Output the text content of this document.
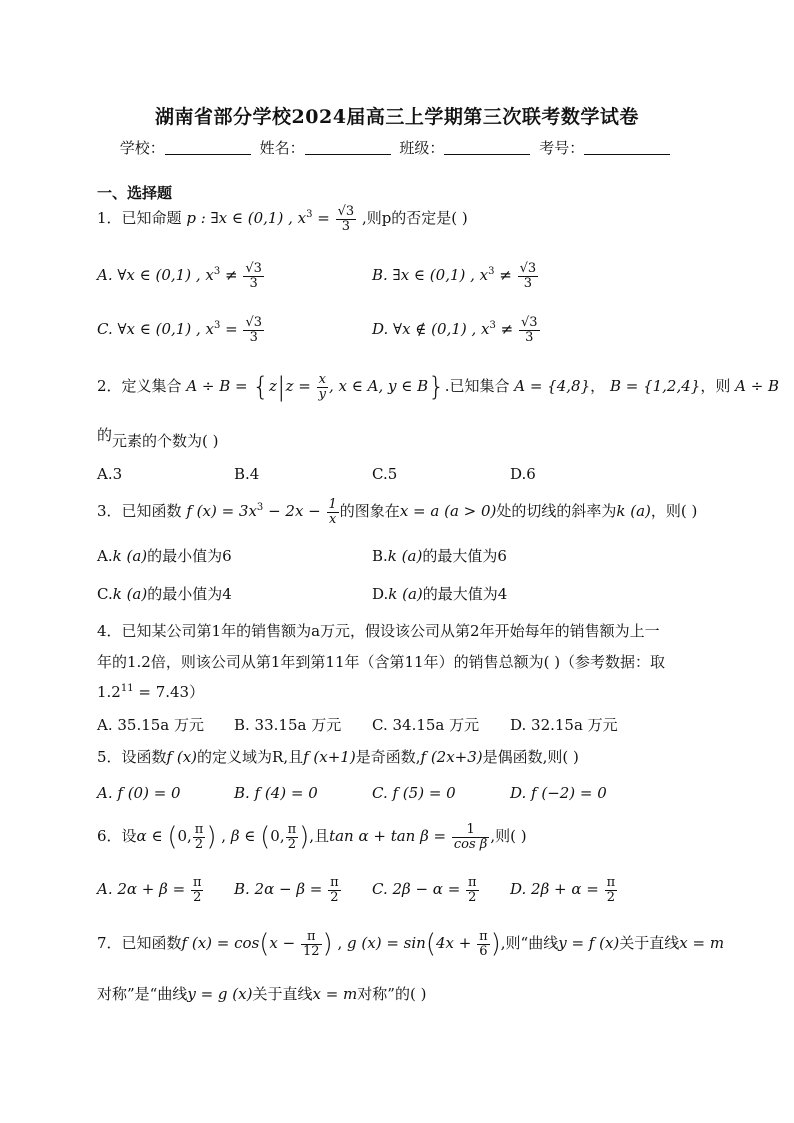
湖南省部分学校2024届高三上学期第三次联考数学试卷
学校：	姓名：	班级：	考号：
一、选择题
1．已知命题 p : ∃x ∈ (0,1) , $x^3 = \frac{√3}{3}$ ,则p的否定是( )
A. ∀x ∈ (0,1) , $x^3 \ne \frac{√3}{3}$	B. ∃x ∈ (0,1) , $x^3 \ne \frac{√3}{3}$
C. ∀x ∈ (0,1) , $x^3 = \frac{√3}{3}$	D. ∀x ∉ (0,1) , $x^3 \ne \frac{√3}{3}$
2．定义集合 $A \div B = \{z|z = \frac{x}{y}$ , x ∈ A, y ∈ B}.已知集合 A = {4,8}， B = {1,2,4}，则 A ÷ B
的元素的个数为( )
A.3	B.4	C.5	D.6
3．已知函数 f $(x) = 3x^3 - 2x - \frac{1}{x}$ 的图象在x = a (a > 0)处的切线的斜率为k (a)，则( )
A.k (a)的最小值为6	B.k (a)的最大值为6
C.k (a)的最小值为4	D.k (a)的最大值为4
4．已知某公司第1年的销售额为a万元，假设该公司从第2年开始每年的销售额为上一
年的1.2倍，则该公司从第1年到第11年（含第11年）的销售总额为( )（参考数据：取
$1.2^{11} = 7.43$）
A. 35.15a 万元 B. 33.15a 万元 C. 34.15a 万元 D. 32.15a 万元
5．设函数f (x)的定义域为R,且f (x+1)是奇函数,f (2x+3)是偶函数,则( )
A. f (0) = 0	B. f (4) = 0	C. f (5) = 0	D. f (−2) = 0
6．设α ∈ (0, $\frac{\pi}{2}$ ) , β ∈ (0, $\frac{\pi}{2}$ ),且$\tan \alpha + \tan \beta = \frac{1}{\text{cos β}}$ ,则( )
A. $2\alpha + \beta = \frac{\pi}{2} B$. $2\alpha - \beta = \frac{\pi}{2} C$. $2\beta - \alpha = \frac{\pi}{2} D$. $2\beta + \alpha = \frac{\pi}{2}$
7．已知函数f $(x) = \cos(x - \frac{\pi}{12}$ ) , g $(x) = \sin(4x + \frac{\pi}{6}$ ),则“曲线y = f (x)关于直线x = m
对称”是“曲线y = g (x)关于直线x = m对称”的( )
